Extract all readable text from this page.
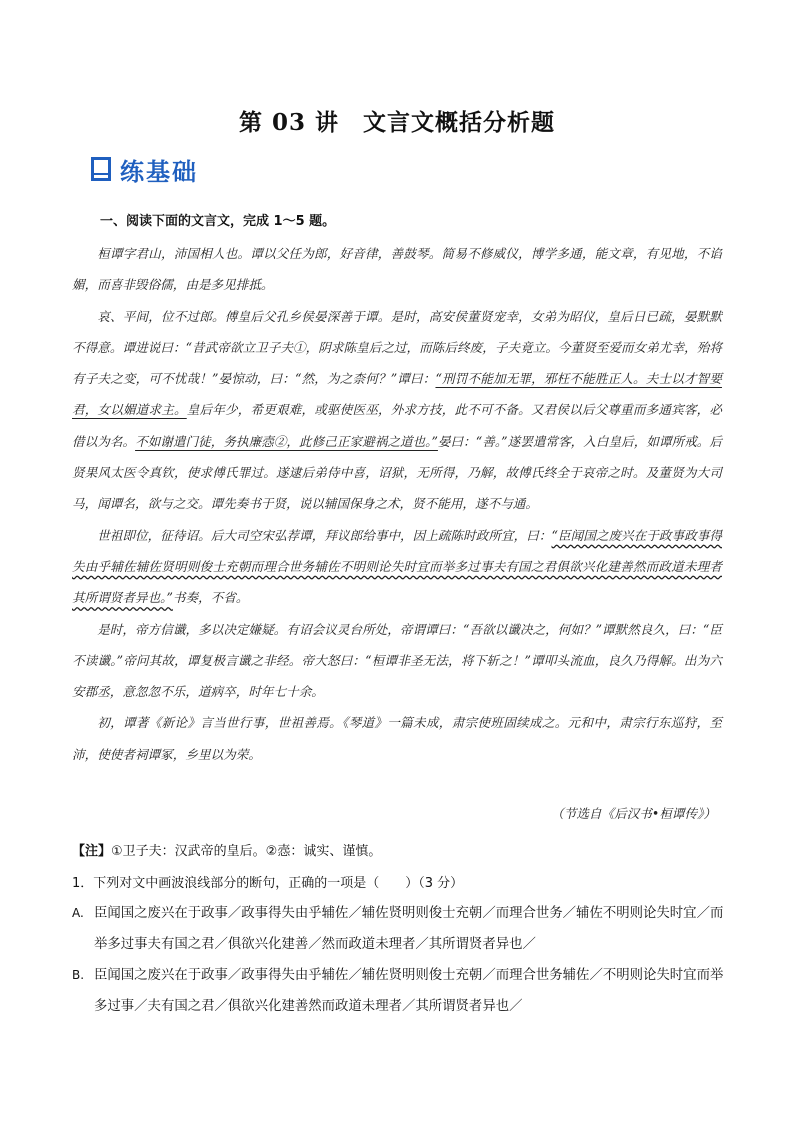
第 03 讲 文言文概括分析题
练基础
一、阅读下面的文言文，完成 1～5 题。

桓谭字君山，沛国相人也。谭以父任为郎，好音律，善鼓琴。简易不修威仪，博学多通，能文章，有见地，不谄媚，而喜非毁俗儒，由是多见排抵。

哀、平间，位不过郎。傅皇后父孔乡侯晏深善于谭。是时，高安侯董贤宠幸，女弟为昭仪，皇后日已疏，晏默默不得意。谭进说曰：“昔武帝欲立卫子夫①，阴求陈皇后之过，而陈后终废，子夫竟立。今董贤至爱而女弟尤幸，殆将有子夫之变，可不忧哉！”晏惊动，曰：“然，为之柰何？”谭曰：“刑罚不能加无罪，邪枉不能胜正人。夫士以才智要君，女以媚道求主。皇后年少，希更艰难，或驱使医巫，外求方技，此不可不备。又君侯以后父尊重而多通宾客，必借以为名。不如谢遣门徒，务执廉悫②，此修己正家避祸之道也。”晏曰：“善。”遂罢遣常客，入白皇后，如谭所戒。后贤果风太医令真钦，使求傅氏罪过。遂逮后弟侍中喜，诏狱，无所得，乃解，故傅氏终全于哀帝之时。及董贤为大司马，闻谭名，欲与之交。谭先奏书于贤，说以辅国保身之术，贤不能用，遂不与通。

世祖即位，征待诏。后大司空宋弘荐谭，拜议郎给事中，因上疏陈时政所宜，曰：“臣闻国之废兴在于政事政事得失由乎辅佐辅佐贤明则俊士充朝而理合世务辅佐不明则论失时宜而举多过事夫有国之君俱欲兴化建善然而政道未理者其所谓贤者异也。”书奏，不省。

是时，帝方信谶，多以决定嫌疑。有诏会议灵台所处，帝谓谭曰：“吾欲以谶决之，何如？”谭默然良久，曰：“臣不读谶。”帝问其故，谭复极言谶之非经。帝大怒曰：“桓谭非圣无法，将下斩之！”谭叩头流血，良久乃得解。出为六安郡丞，意忽忽不乐，道病卒，时年七十余。

初，谭著《新论》言当世行事，世祖善焉。《琴道》一篇未成，肃宗使班固续成之。元和中，肃宗行东巡狩，至沛，使使者祠谭冢，乡里以为荣。

（节选自《后汉书•桓谭传》）
【注】①卫子夫：汉武帝的皇后。②悫：诚实、谨慎。
1．下列对文中画波浪线部分的断句，正确的一项是（　　）（3 分）
A. 臣闻国之废兴在于政事／政事得失由乎辅佐／辅佐贤明则俊士充朝／而理合世务／辅佐不明则论失时宜／而举多过事夫有国之君／俱欲兴化建善／然而政道未理者／其所谓贤者异也／
B. 臣闻国之废兴在于政事／政事得失由乎辅佐／辅佐贤明则俊士充朝／而理合世务辅佐／不明则论失时宜而举多过事／夫有国之君／俱欲兴化建善然而政道未理者／其所谓贤者异也／
